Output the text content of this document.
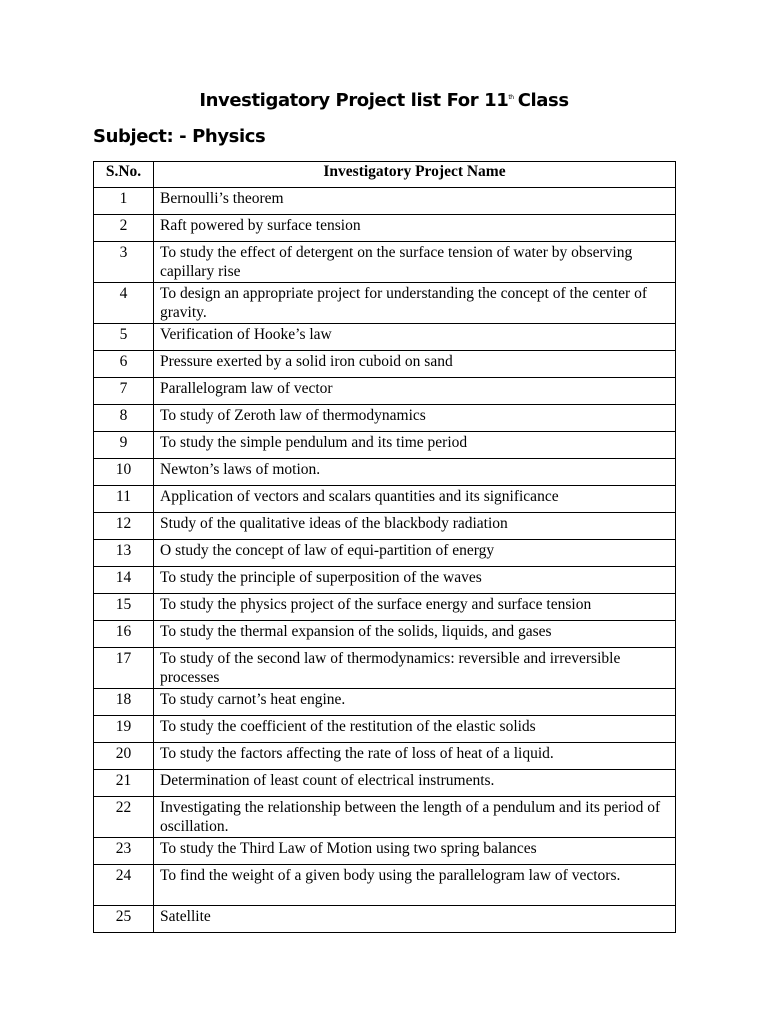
Investigatory Project list For 11th Class
Subject: - Physics
S.No.	Investigatory Project Name
1	Bernoulli’s theorem
2	Raft powered by surface tension
3	To study the effect of detergent on the surface tension of water by observing capillary rise
4	To design an appropriate project for understanding the concept of the center of gravity.
5	Verification of Hooke’s law
6	Pressure exerted by a solid iron cuboid on sand
7	Parallelogram law of vector
8	To study of Zeroth law of thermodynamics
9	To study the simple pendulum and its time period
10	Newton’s laws of motion.
11	Application of vectors and scalars quantities and its significance
12	Study of the qualitative ideas of the blackbody radiation
13	O study the concept of law of equi-partition of energy
14	To study the principle of superposition of the waves
15	To study the physics project of the surface energy and surface tension
16	To study the thermal expansion of the solids, liquids, and gases
17	To study of the second law of thermodynamics: reversible and irreversible processes
18	To study carnot’s heat engine.
19	To study the coefficient of the restitution of the elastic solids
20	To study the factors affecting the rate of loss of heat of a liquid.
21	Determination of least count of electrical instruments.
22	Investigating the relationship between the length of a pendulum and its period of oscillation.
23	To study the Third Law of Motion using two spring balances
24	To find the weight of a given body using the parallelogram law of vectors.
25	Satellite
